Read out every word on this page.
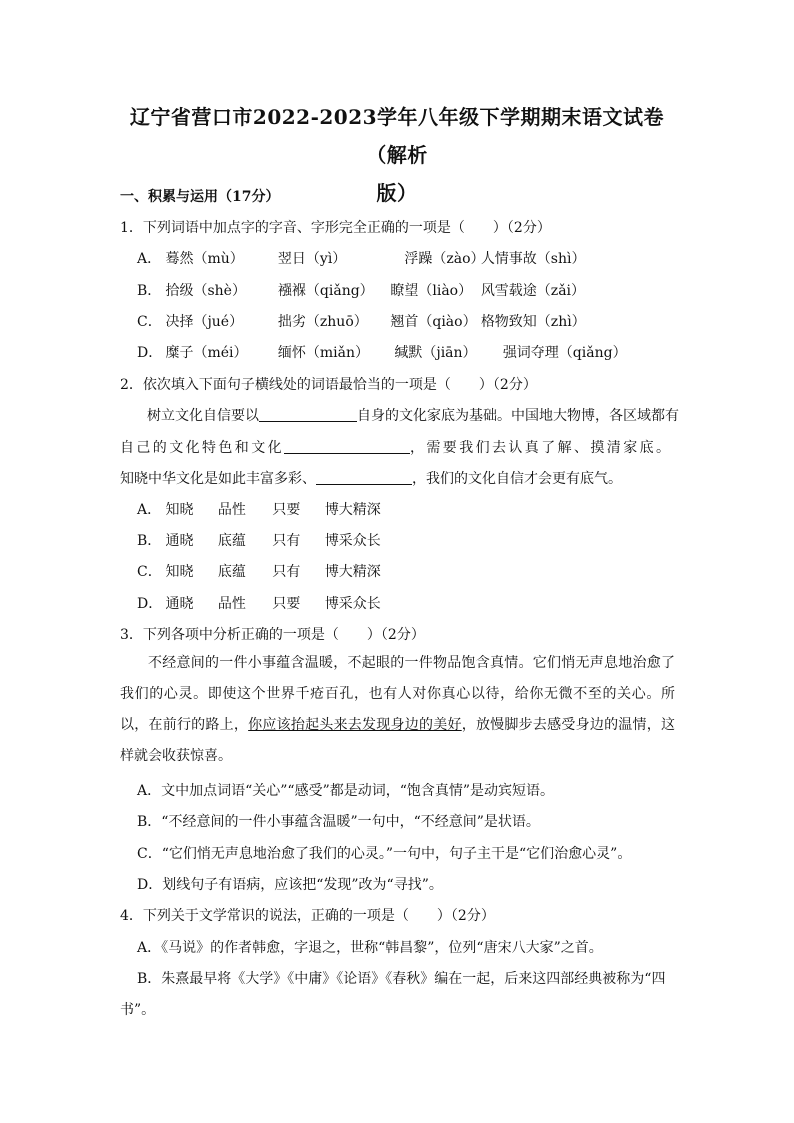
辽宁省营口市2022-2023学年八年级下学期期末语文试卷（解析
版）
一、积累与运用（17分）
1．下列词语中加点字的字音、字形完全正确的一项是（　　）（2分）
A． 蓦然（mù） 翌日（yì）	浮躁（zào） 人情事故（shì）
B． 拾级（shè） 襁褓（qiǎng） 瞭望（liào） 风雪载途（zǎi）
C． 决择（jué） 拙劣（zhuō） 翘首（qiào） 格物致知（zhì）
D． 糜子（méi） 缅怀（miǎn） 缄默（jiān） 强词夺理（qiǎng）
2．依次填入下面句子横线处的词语最恰当的一项是（　　）（2分）
树立文化自信要以	自身的文化家底为基础。中国地大物博，各区域都有
自己的文化特色和文化	，需要我们去认真了解、摸清家底。
知晓中华文化是如此丰富多彩、	，我们的文化自信才会更有底气。
A． 知晓 品性 只要 博大精深
B． 通晓 底蕴 只有 博采众长
C． 知晓 底蕴 只有 博大精深
D． 通晓 品性 只要 博采众长
3．下列各项中分析正确的一项是（　　）（2分）
不经意间的一件小事蕴含温暖，不起眼的一件物品饱含真情。它们悄无声息地治愈了我们的心灵。即使这个世界千疮百孔，也有人对你真心以待，给你无微不至的关心。所以，在前行的路上，你应该抬起头来去发现身边的美好，放慢脚步去感受身边的温情，这样就会收获惊喜。
A．文中加点词语“关心”“感受”都是动词，“饱含真情”是动宾短语。
B．“不经意间的一件小事蕴含温暖”一句中，“不经意间”是状语。
C．“它们悄无声息地治愈了我们的心灵。”一句中，句子主干是“它们治愈心灵”。
D．划线句子有语病，应该把“发现”改为“寻找”。
4．下列关于文学常识的说法，正确的一项是（　　）（2分）
A．《马说》的作者韩愈，字退之，世称“韩昌黎”，位列“唐宋八大家”之首。
B．朱熹最早将《大学》《中庸》《论语》《春秋》编在一起，后来这四部经典被称为“四
书”。
